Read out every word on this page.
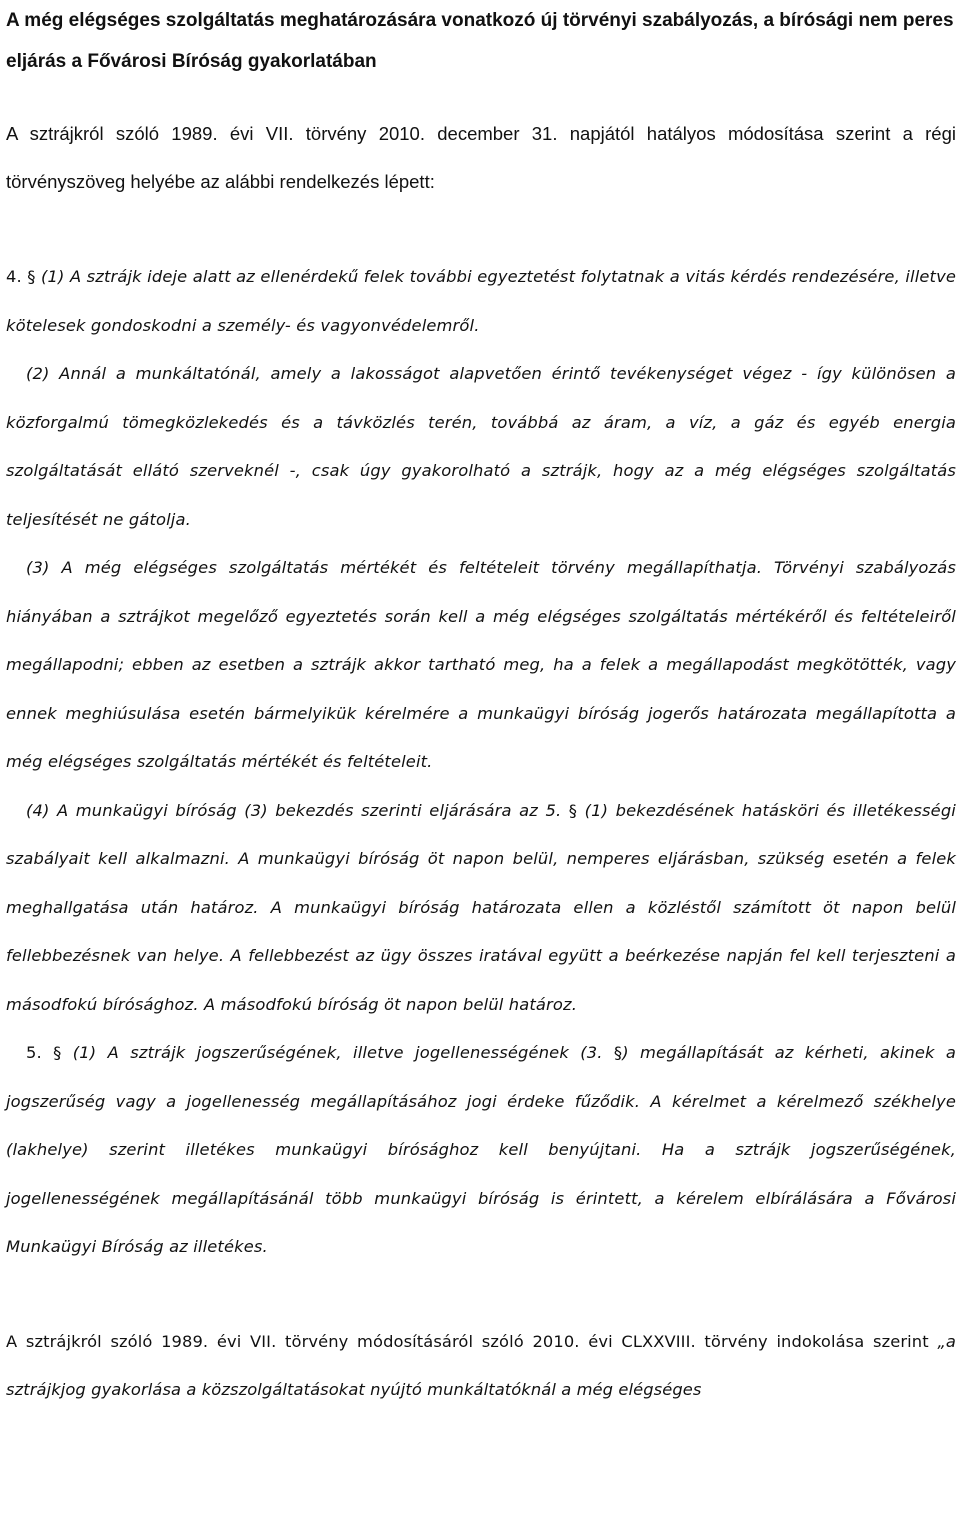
A még elégséges szolgáltatás meghatározására vonatkozó új törvényi szabályozás, a bírósági nem peres eljárás a Fővárosi Bíróság gyakorlatában

A sztrájkról szóló 1989. évi VII. törvény 2010. december 31. napjától hatályos módosítása szerint a régi törvényszöveg helyébe az alábbi rendelkezés lépett:

4. § (1) A sztrájk ideje alatt az ellenérdekű felek további egyeztetést folytatnak a vitás kérdés rendezésére, illetve kötelesek gondoskodni a személy- és vagyonvédelemről.

(2) Annál a munkáltatónál, amely a lakosságot alapvetően érintő tevékenységet végez - így különösen a közforgalmú tömegközlekedés és a távközlés terén, továbbá az áram, a víz, a gáz és egyéb energia szolgáltatását ellátó szerveknél -, csak úgy gyakorolható a sztrájk, hogy az a még elégséges szolgáltatás teljesítését ne gátolja.

(3) A még elégséges szolgáltatás mértékét és feltételeit törvény megállapíthatja. Törvényi szabályozás hiányában a sztrájkot megelőző egyeztetés során kell a még elégséges szolgáltatás mértékéről és feltételeiről megállapodni; ebben az esetben a sztrájk akkor tartható meg, ha a felek a megállapodást megkötötték, vagy ennek meghiúsulása esetén bármelyikük kérelmére a munkaügyi bíróság jogerős határozata megállapította a még elégséges szolgáltatás mértékét és feltételeit.

(4) A munkaügyi bíróság (3) bekezdés szerinti eljárására az 5. § (1) bekezdésének hatásköri és illetékességi szabályait kell alkalmazni. A munkaügyi bíróság öt napon belül, nemperes eljárásban, szükség esetén a felek meghallgatása után határoz. A munkaügyi bíróság határozata ellen a közléstől számított öt napon belül fellebbezésnek van helye. A fellebbezést az ügy összes iratával együtt a beérkezése napján fel kell terjeszteni a másodfokú bírósághoz. A másodfokú bíróság öt napon belül határoz.

5. § (1) A sztrájk jogszerűségének, illetve jogellenességének (3. §) megállapítását az kérheti, akinek a jogszerűség vagy a jogellenesség megállapításához jogi érdeke fűződik. A kérelmet a kérelmező székhelye (lakhelye) szerint illetékes munkaügyi bírósághoz kell benyújtani. Ha a sztrájk jogszerűségének, jogellenességének megállapításánál több munkaügyi bíróság is érintett, a kérelem elbírálására a Fővárosi Munkaügyi Bíróság az illetékes.

A sztrájkról szóló 1989. évi VII. törvény módosításáról szóló 2010. évi CLXXVIII. törvény indokolása szerint „a sztrájkjog gyakorlása a közszolgáltatásokat nyújtó munkáltatóknál a még elégséges
